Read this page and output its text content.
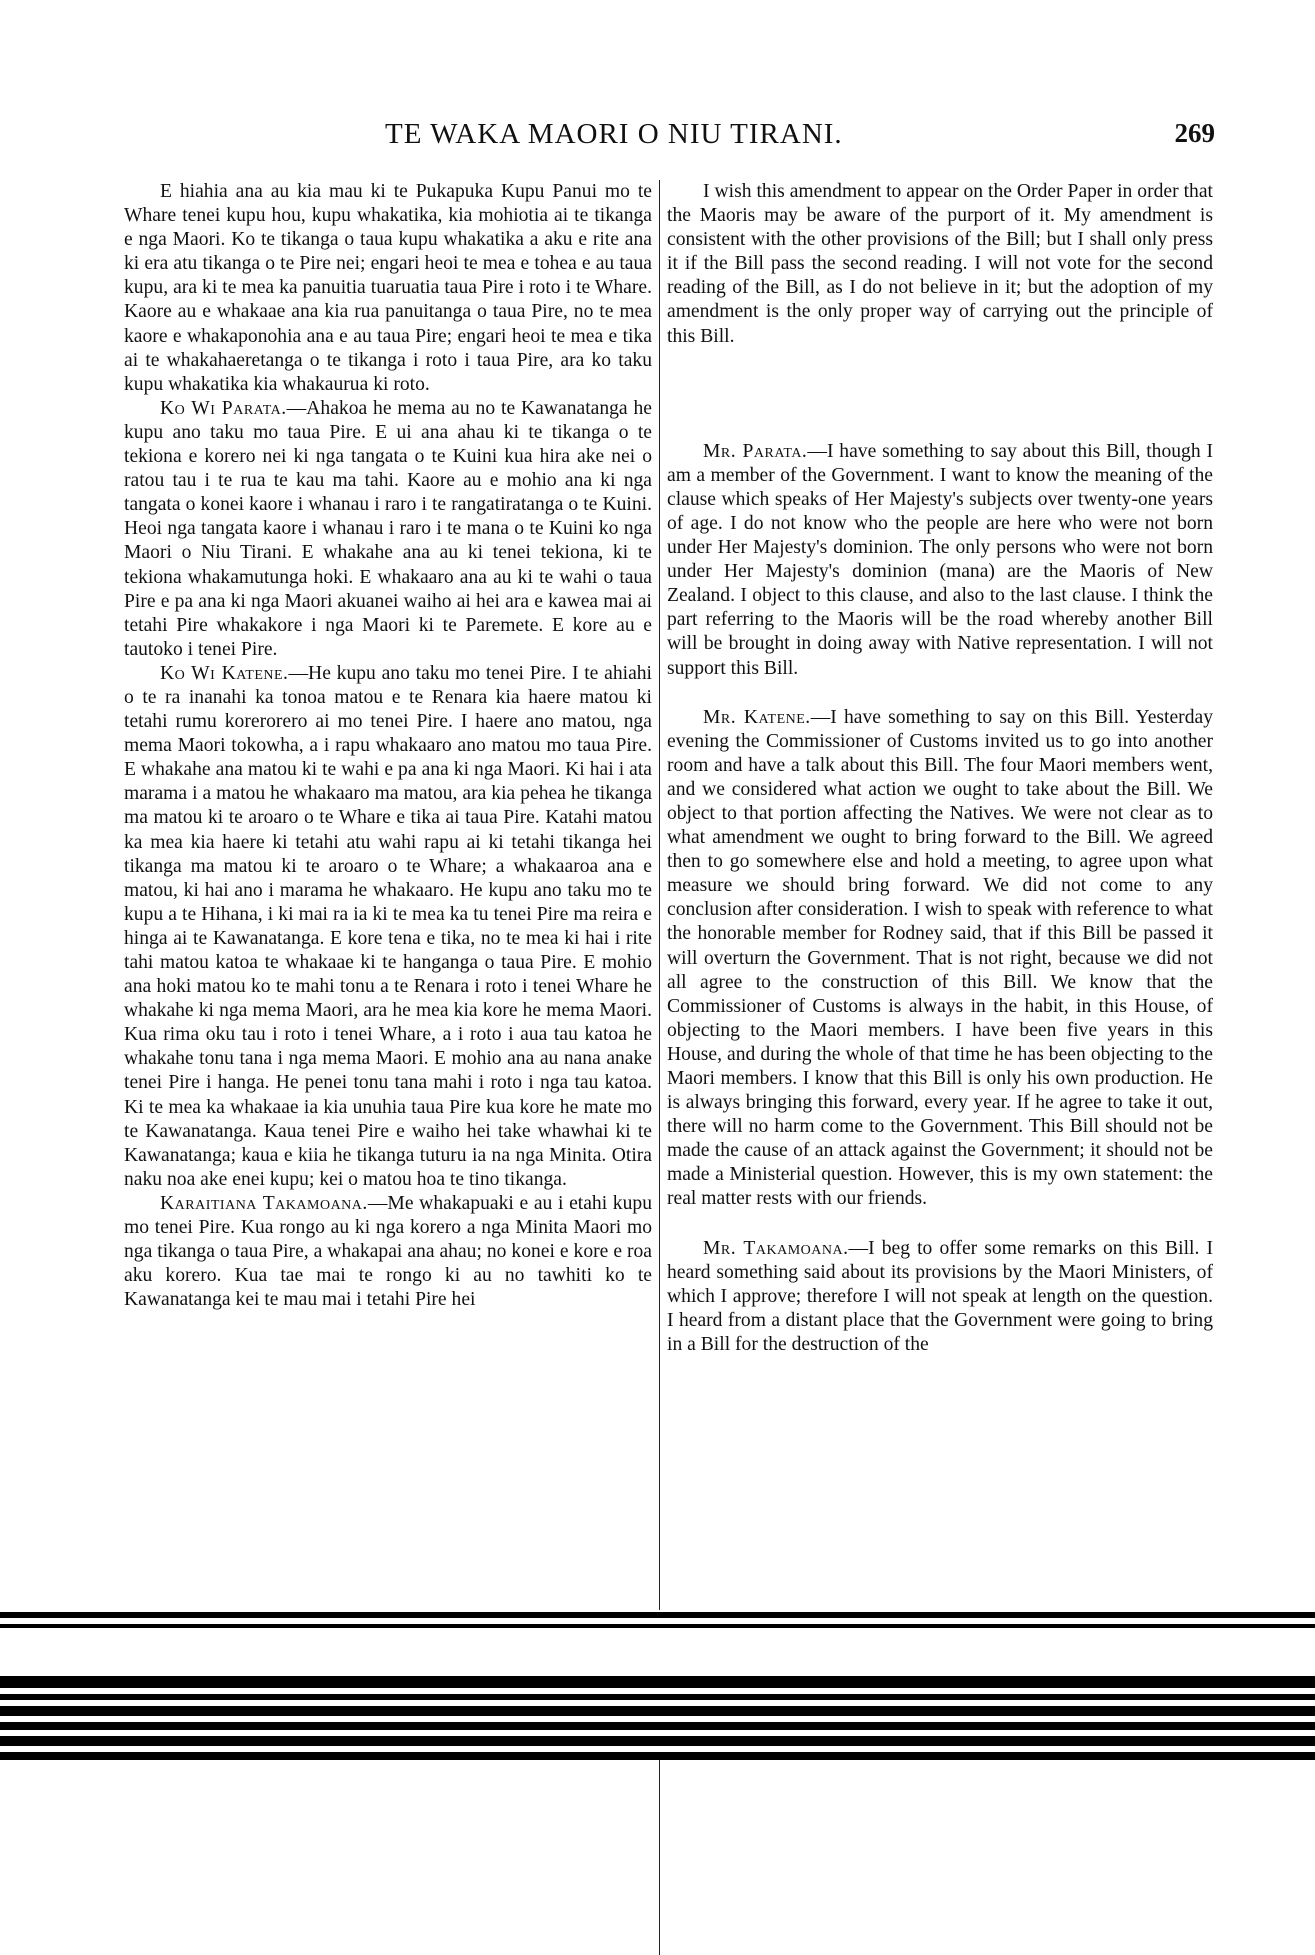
TE WAKA MAORI O NIU TIRANI.	269

E hiahia ana au kia mau ki te Pukapuka Kupu Panui mo te Whare tenei kupu hou, kupu whakatika, kia mohiotia ai te tikanga e nga Maori. Ko te tikanga o taua kupu whakatika a aku e rite ana ki era atu tikanga o te Pire nei; engari heoi te mea e tohea e au taua kupu, ara ki te mea ka panuitia tuaruatia taua Pire i roto i te Whare. Kaore au e whakaae ana kia rua panuitanga o taua Pire, no te mea kaore e whakaponohia ana e au taua Pire; engari heoi te mea e tika ai te whakahaeretanga o te tikanga i roto i taua Pire, ara ko taku kupu whakatika kia whakaurua ki roto.

Ko Wi Parata.—Ahakoa he mema au no te Kawanatanga he kupu ano taku mo taua Pire. E ui ana ahau ki te tikanga o te tekiona e korero nei ki nga tangata o te Kuini kua hira ake nei o ratou tau i te rua te kau ma tahi. Kaore au e mohio ana ki nga tangata o konei kaore i whanau i raro i te rangatiratanga o te Kuini. Heoi nga tangata kaore i whanau i raro i te mana o te Kuini ko nga Maori o Niu Tirani. E whakahe ana au ki tenei tekiona, ki te tekiona whakamutunga hoki. E whakaaro ana au ki te wahi o taua Pire e pa ana ki nga Maori akuanei waiho ai hei ara e kawea mai ai tetahi Pire whakakore i nga Maori ki te Paremete. E kore au e tautoko i tenei Pire.

Ko Wi Katene.—He kupu ano taku mo tenei Pire. I te ahiahi o te ra inanahi ka tonoa matou e te Renara kia haere matou ki tetahi rumu korerorero ai mo tenei Pire. I haere ano matou, nga mema Maori tokowha, a i rapu whakaaro ano matou mo taua Pire. E whakahe ana matou ki te wahi e pa ana ki nga Maori. Ki hai i ata marama i a matou he whakaaro ma matou, ara kia pehea he tikanga ma matou ki te aroaro o te Whare e tika ai taua Pire. Katahi matou ka mea kia haere ki tetahi atu wahi rapu ai ki tetahi tikanga hei tikanga ma matou ki te aroaro o te Whare; a whakaaroa ana e matou, ki hai ano i marama he whakaaro. He kupu ano taku mo te kupu a te Hihana, i ki mai ra ia ki te mea ka tu tenei Pire ma reira e hinga ai te Kawanatanga. E kore tena e tika, no te mea ki hai i rite tahi matou katoa te whakaae ki te hanganga o taua Pire. E mohio ana hoki matou ko te mahi tonu a te Renara i roto i tenei Whare he whakahe ki nga mema Maori, ara he mea kia kore he mema Maori. Kua rima oku tau i roto i tenei Whare, a i roto i aua tau katoa he whakahe tonu tana i nga mema Maori. E mohio ana au nana anake tenei Pire i hanga. He penei tonu tana mahi i roto i nga tau katoa. Ki te mea ka whakaae ia kia unuhia taua Pire kua kore he mate mo te Kawanatanga. Kaua tenei Pire e waiho hei take whawhai ki te Kawanatanga; kaua e kiia he tikanga tuturu ia na nga Minita. Otira naku noa ake enei kupu; kei o matou hoa te tino tikanga.

Karaitiana Takamoana.—Me whakapuaki e au i etahi kupu mo tenei Pire. Kua rongo au ki nga korero a nga Minita Maori mo nga tikanga o taua Pire, a whakapai ana ahau; no konei e kore e roa aku korero. Kua tae mai te rongo ki au no tawhiti ko te Kawanatanga kei te mau mai i tetahi Pire hei

I wish this amendment to appear on the Order Paper in order that the Maoris may be aware of the purport of it. My amendment is consistent with the other provisions of the Bill; but I shall only press it if the Bill pass the second reading. I will not vote for the second reading of the Bill, as I do not believe in it; but the adoption of my amendment is the only proper way of carrying out the principle of this Bill.

Mr. Parata.—I have something to say about this Bill, though I am a member of the Government. I want to know the meaning of the clause which speaks of Her Majesty's subjects over twenty-one years of age. I do not know who the people are here who were not born under Her Majesty's dominion. The only persons who were not born under Her Majesty's dominion (mana) are the Maoris of New Zealand. I object to this clause, and also to the last clause. I think the part referring to the Maoris will be the road whereby another Bill will be brought in doing away with Native representation. I will not support this Bill.

Mr. Katene.—I have something to say on this Bill. Yesterday evening the Commissioner of Customs invited us to go into another room and have a talk about this Bill. The four Maori members went, and we considered what action we ought to take about the Bill. We object to that portion affecting the Natives. We were not clear as to what amendment we ought to bring forward to the Bill. We agreed then to go somewhere else and hold a meeting, to agree upon what measure we should bring forward. We did not come to any conclusion after consideration. I wish to speak with reference to what the honorable member for Rodney said, that if this Bill be passed it will overturn the Government. That is not right, because we did not all agree to the construction of this Bill. We know that the Commissioner of Customs is always in the habit, in this House, of objecting to the Maori members. I have been five years in this House, and during the whole of that time he has been objecting to the Maori members. I know that this Bill is only his own production. He is always bringing this forward, every year. If he agree to take it out, there will no harm come to the Government. This Bill should not be made the cause of an attack against the Government; it should not be made a Ministerial question. However, this is my own statement: the real matter rests with our friends.

Mr. Takamoana.—I beg to offer some remarks on this Bill. I heard something said about its provisions by the Maori Ministers, of which I approve; therefore I will not speak at length on the question. I heard from a distant place that the Government were going to bring in a Bill for the destruction of the
